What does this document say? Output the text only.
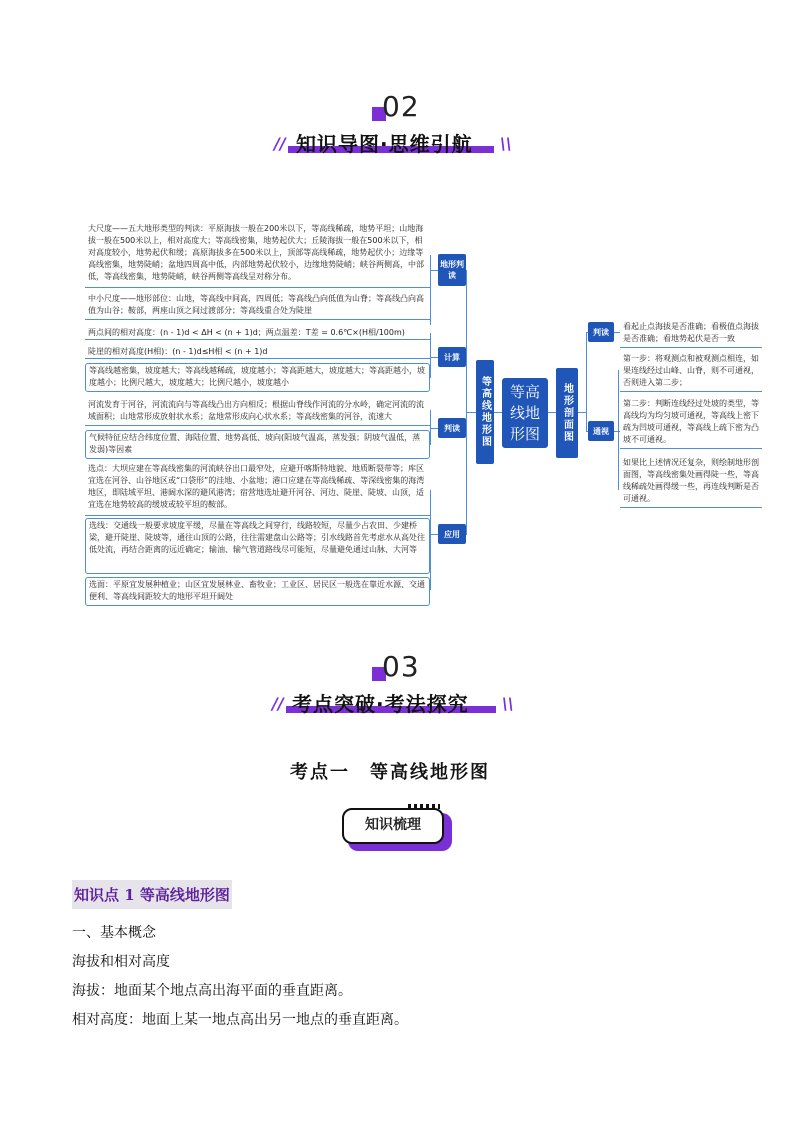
02
//	\\
知识导图·思维引航
大尺度——五大地形类型的判读：平原海拔一般在200米以下，等高线稀疏，地势平坦；山地海拔一般在500米以上，相对高度大；等高线密集，地势起伏大；丘陵海拔一般在500米以下，相对高度较小，地势起伏和缓；高原海拔多在500米以上，顶部等高线稀疏，地势起伏小；边缘等高线密集，地势陡峭；盆地四周高中低，内部地势起伏较小，边缘地势陡峭；峡谷两侧高，中部低，等高线密集，地势陡峭，峡谷两侧等高线呈对称分布。
中小尺度——地形部位：山地，等高线中间高，四周低；等高线凸向低值为山脊；等高线凸向高值为山谷；鞍部，两座山顶之间过渡部分；等高线重合处为陡崖
两点间的相对高度：(n - 1)d < ΔH < (n + 1)d；两点温差：T差 = 0.6℃×(H相/100m)
陡崖的相对高度(H相)：(n - 1)d≤H相 < (n + 1)d
等高线越密集，坡度越大；等高线越稀疏，坡度越小；等高距越大，坡度越大；等高距越小，坡度越小；比例尺越大，坡度越大；比例尺越小，坡度越小
河流发育于河谷，河流流向与等高线凸出方向相反；根据山脊线作河流的分水岭，确定河流的流域面积；山地常形成放射状水系；盆地常形成向心状水系；等高线密集的河谷，流速大
气候特征应结合纬度位置、海陆位置、地势高低、坡向(阳坡气温高，蒸发强；阴坡气温低，蒸发弱)等因素
选点：大坝应建在等高线密集的河流峡谷出口最窄处，应避开喀斯特地貌、地质断裂带等；库区宜选在河谷、山谷地区或“口袋形”的洼地、小盆地；港口应建在等高线稀疏、等深线密集的海湾地区，即陆域平坦、港阔水深的避风港湾；宿营地选址避开河谷、河边、陡崖、陡坡、山顶，适宜选在地势较高的缓坡或较平坦的鞍部。
选线：交通线一般要求坡度平缓，尽量在等高线之间穿行，线路较短，尽量少占农田、少建桥梁，避开陡崖、陡坡等，通往山顶的公路，往往需建盘山公路等；引水线路首先考虑水从高处往低处流，再结合距离的远近确定；输油、输气管道路线尽可能短，尽量避免通过山脉、大河等
选面：平原宜发展种植业；山区宜发展林业、畜牧业；工业区、居民区一般选在靠近水源、交通便利、等高线间距较大的地形平坦开阔处
地形判读
计算
判读
应用
等高线地形图	等高线地形图	地形剖面图
判读
通视
看起止点海拔是否准确；看极值点海拔是否准确；看地势起伏是否一致
第一步：将观测点和被观测点相连，如果连线经过山峰、山脊，则不可通视，否则进入第二步；
第二步：判断连线经过处坡的类型，等高线均为均匀坡可通视，等高线上密下疏为凹坡可通视，等高线上疏下密为凸坡不可通视。
如果比上述情况还复杂，则绘制地形剖面图，等高线密集处画得陡一些，等高线稀疏处画得缓一些，再连线判断是否可通视。
03
//	\\
考点突破·考法探究
考点一　等高线地形图
知识梳理
知识点 1 等高线地形图
一、基本概念
海拔和相对高度
海拔：地面某个地点高出海平面的垂直距离。
相对高度：地面上某一地点高出另一地点的垂直距离。
